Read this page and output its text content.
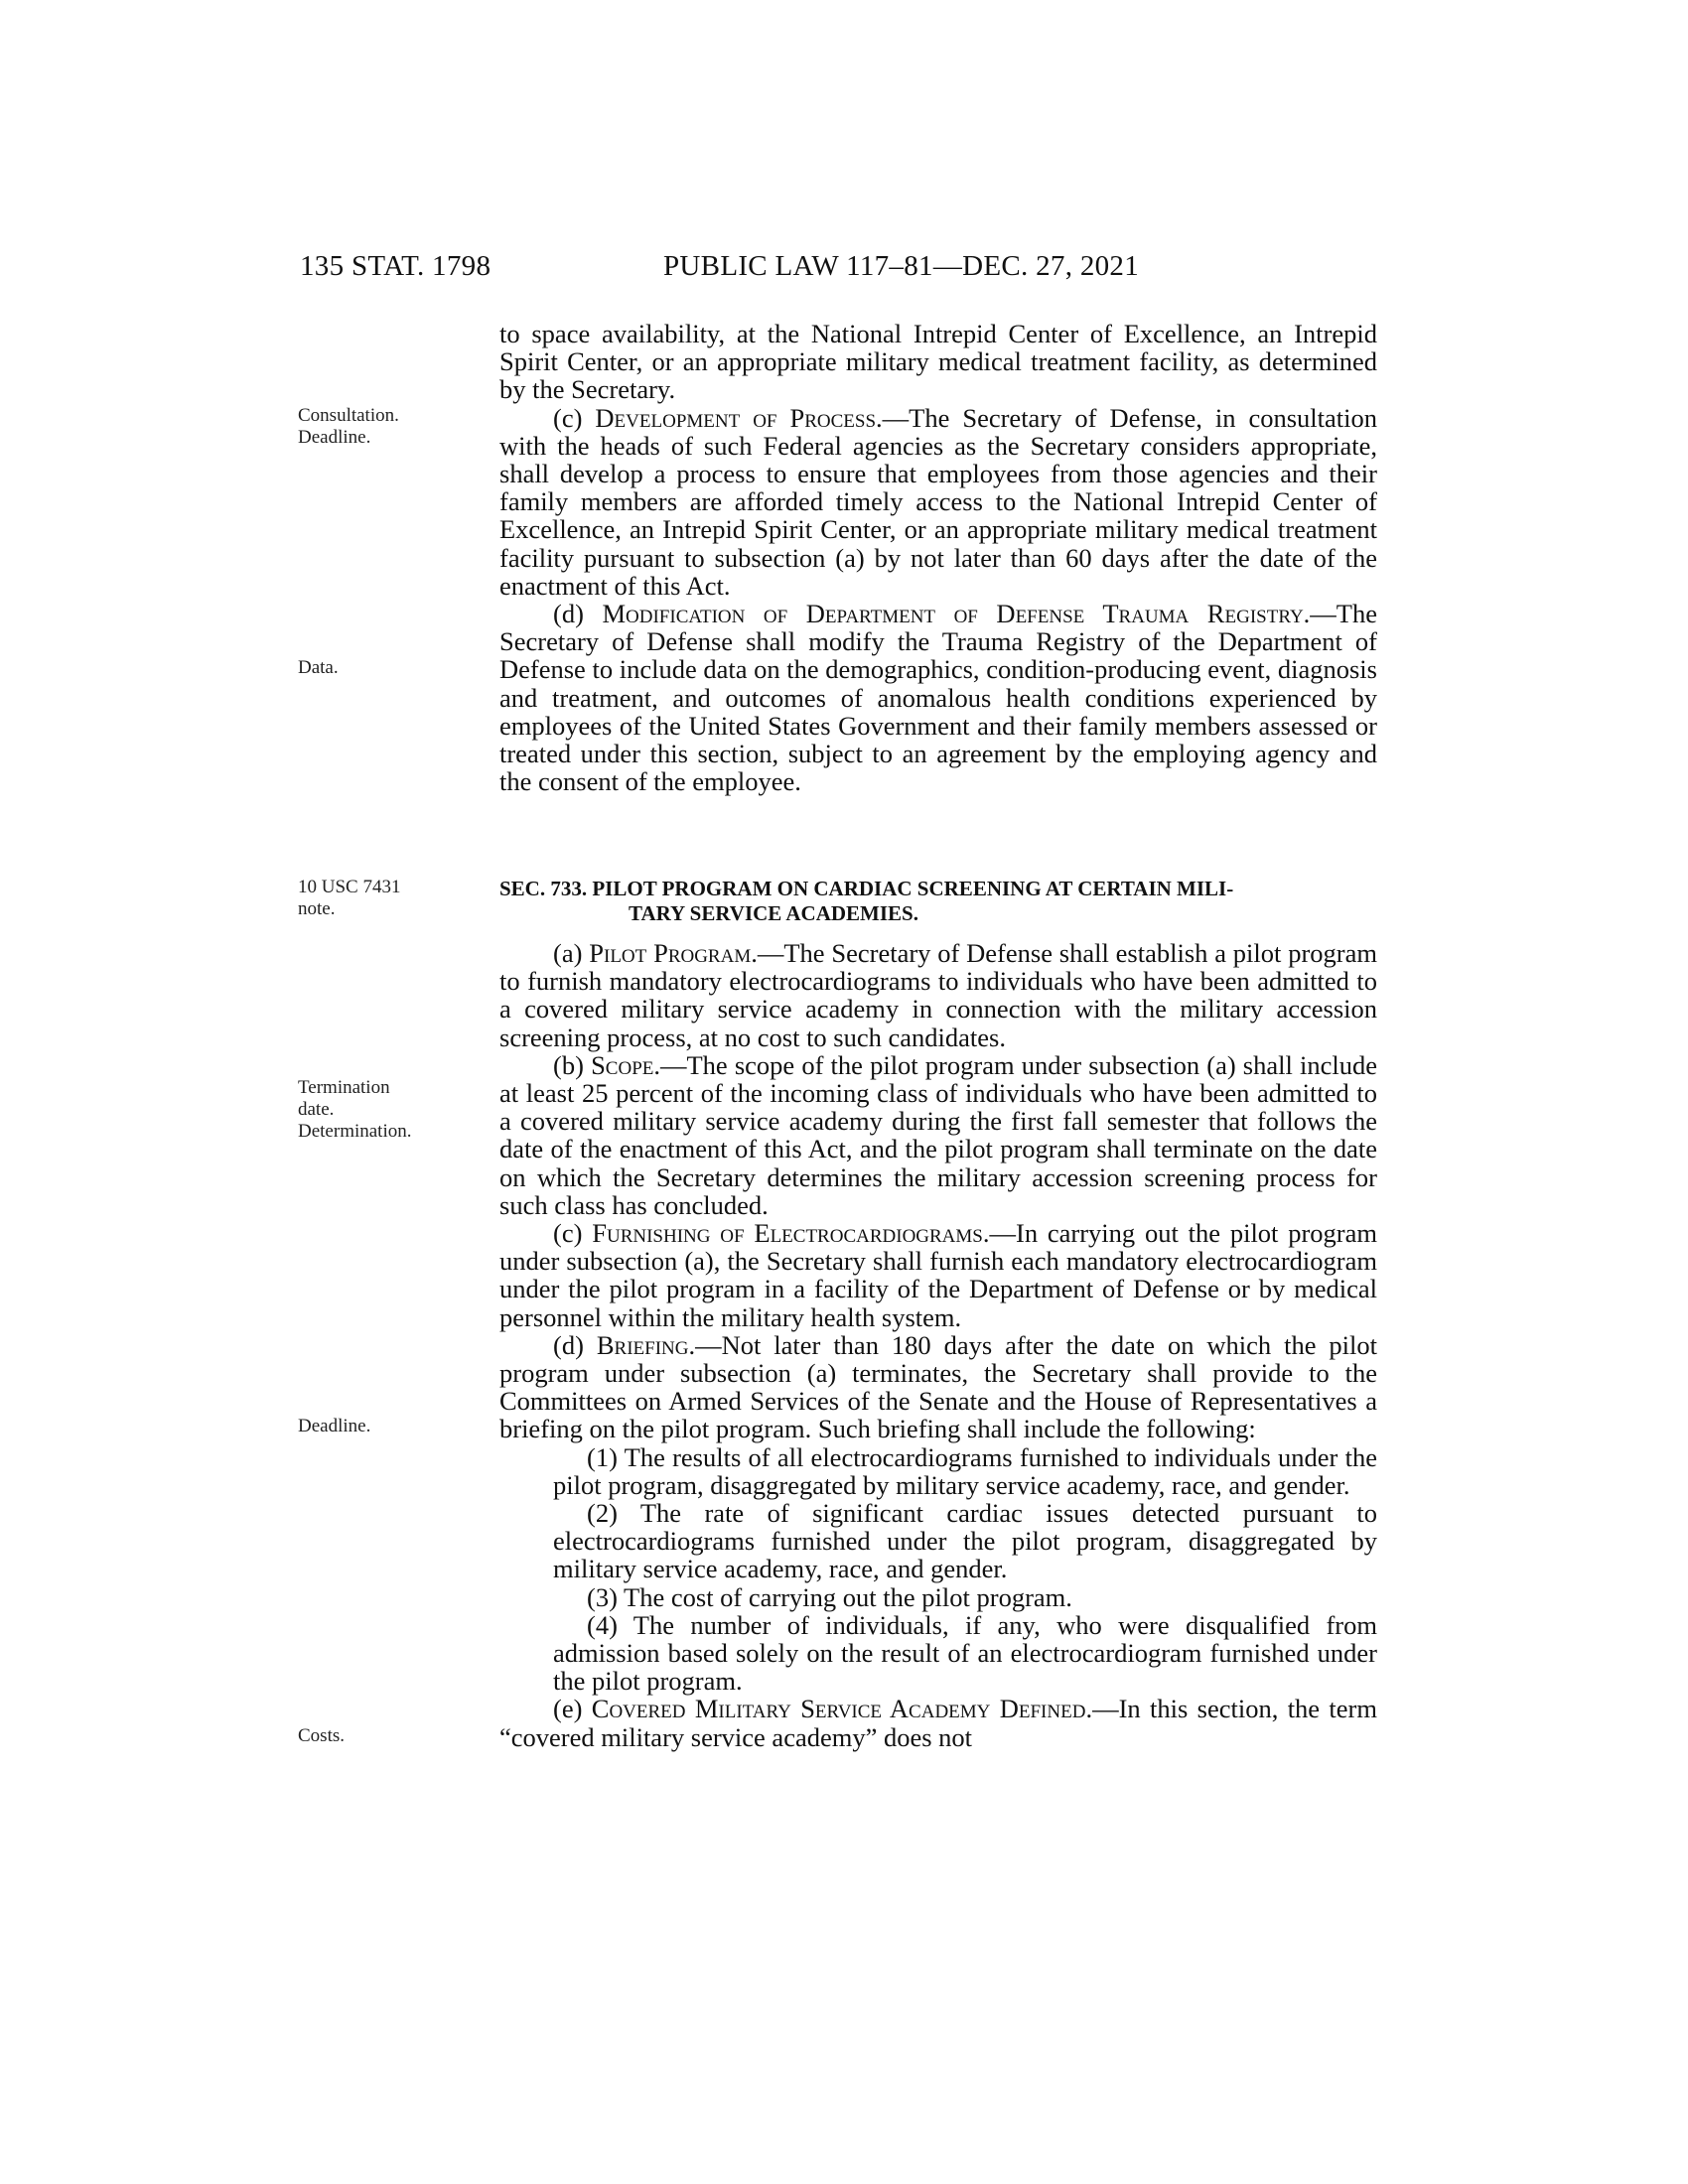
135 STAT. 1798	PUBLIC LAW 117–81—DEC. 27, 2021
Consultation.
Deadline.
Data.
10 USC 7431
note.
Termination
date.
Determination.
Deadline.
Costs.

to space availability, at the National Intrepid Center of Excellence, an Intrepid Spirit Center, or an appropriate military medical treatment facility, as determined by the Secretary.

(c) Development of Process.—The Secretary of Defense, in consultation with the heads of such Federal agencies as the Secretary considers appropriate, shall develop a process to ensure that employees from those agencies and their family members are afforded timely access to the National Intrepid Center of Excellence, an Intrepid Spirit Center, or an appropriate military medical treatment facility pursuant to subsection (a) by not later than 60 days after the date of the enactment of this Act.

(d) Modification of Department of Defense Trauma Registry.—The Secretary of Defense shall modify the Trauma Registry of the Department of Defense to include data on the demographics, condition-producing event, diagnosis and treatment, and outcomes of anomalous health conditions experienced by employees of the United States Government and their family members assessed or treated under this section, subject to an agreement by the employing agency and the consent of the employee.

SEC. 733. PILOT PROGRAM ON CARDIAC SCREENING AT CERTAIN MILI-
TARY SERVICE ACADEMIES.

(a) Pilot Program.—The Secretary of Defense shall establish a pilot program to furnish mandatory electrocardiograms to individuals who have been admitted to a covered military service academy in connection with the military accession screening process, at no cost to such candidates.

(b) Scope.—The scope of the pilot program under subsection (a) shall include at least 25 percent of the incoming class of individuals who have been admitted to a covered military service academy during the first fall semester that follows the date of the enactment of this Act, and the pilot program shall terminate on the date on which the Secretary determines the military accession screening process for such class has concluded.

(c) Furnishing of Electrocardiograms.—In carrying out the pilot program under subsection (a), the Secretary shall furnish each mandatory electrocardiogram under the pilot program in a facility of the Department of Defense or by medical personnel within the military health system.

(d) Briefing.—Not later than 180 days after the date on which the pilot program under subsection (a) terminates, the Secretary shall provide to the Committees on Armed Services of the Senate and the House of Representatives a briefing on the pilot program. Such briefing shall include the following:

(1) The results of all electrocardiograms furnished to individuals under the pilot program, disaggregated by military service academy, race, and gender.

(2) The rate of significant cardiac issues detected pursuant to electrocardiograms furnished under the pilot program, disaggregated by military service academy, race, and gender.

(3) The cost of carrying out the pilot program.

(4) The number of individuals, if any, who were disqualified from admission based solely on the result of an electrocardiogram furnished under the pilot program.

(e) Covered Military Service Academy Defined.—In this section, the term “covered military service academy” does not
